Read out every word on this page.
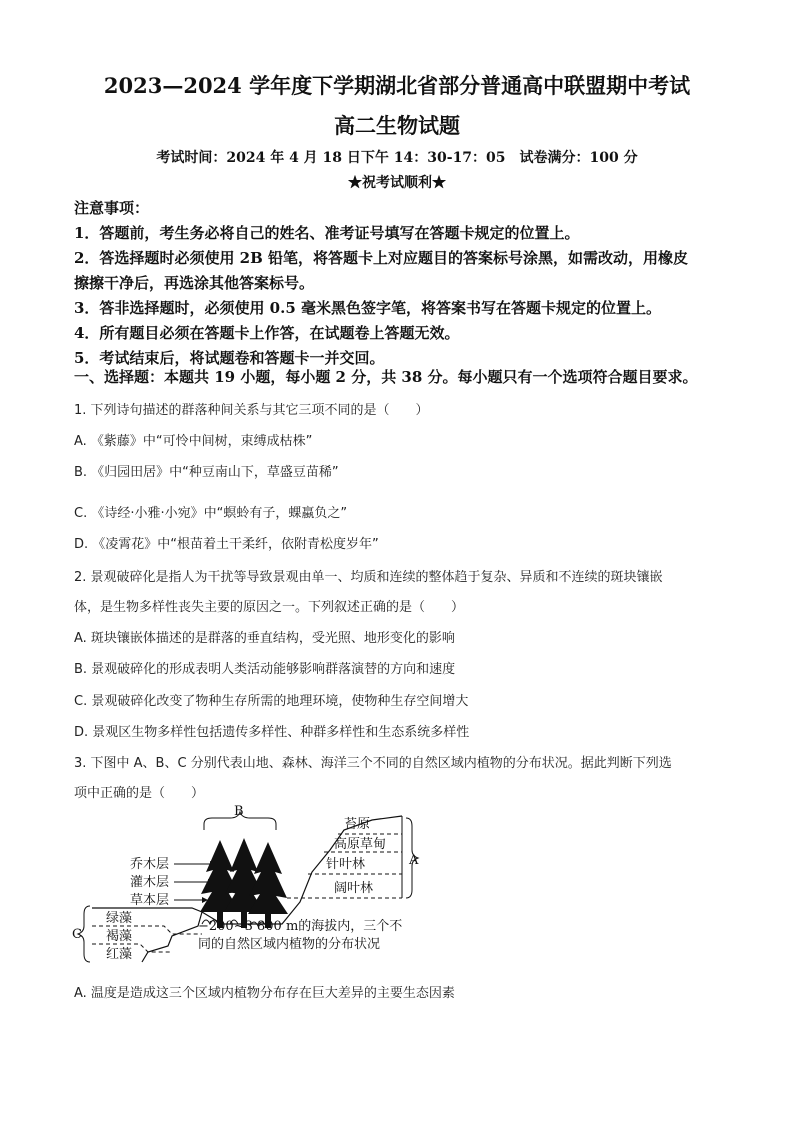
2023—2024 学年度下学期湖北省部分普通高中联盟期中考试
高二生物试题
考试时间：2024 年 4 月 18 日下午 14：30-17：05　试卷满分：100 分
★祝考试顺利★

注意事项：

1．答题前，考生务必将自己的姓名、准考证号填写在答题卡规定的位置上。

2．答选择题时必须使用 2B 铅笔，将答题卡上对应题目的答案标号涂黑，如需改动，用橡皮

擦擦干净后，再选涂其他答案标号。

3．答非选择题时，必须使用 0.5 毫米黑色签字笔，将答案书写在答题卡规定的位置上。

4．所有题目必须在答题卡上作答，在试题卷上答题无效。

5．考试结束后，将试题卷和答题卡一并交回。

一、选择题：本题共 19 小题，每小题 2 分，共 38 分。每小题只有一个选项符合题目要求。
1. 下列诗句描述的群落种间关系与其它三项不同的是（　　）
A. 《紫藤》中“可怜中间树，束缚成枯株”
B. 《归园田居》中“种豆南山下，草盛豆苗稀”
C. 《诗经·小雅·小宛》中“螟蛉有子，蜾蠃负之”
D. 《凌霄花》中“根苗着土干柔纤，依附青松度岁年”
2. 景观破碎化是指人为干扰等导致景观由单一、均质和连续的整体趋于复杂、异质和不连续的斑块镶嵌
体，是生物多样性丧失主要的原因之一。下列叙述正确的是（　　）
A. 斑块镶嵌体描述的是群落的垂直结构，受光照、地形变化的影响
B. 景观破碎化的形成表明人类活动能够影响群落演替的方向和速度
C. 景观破碎化改变了物种生存所需的地理环境，使物种生存空间增大
D. 景观区生物多样性包括遗传多样性、种群多样性和生态系统多样性
3. 下图中 A、B、C 分别代表山地、森林、海洋三个不同的自然区域内植物的分布状况。据此判断下列选
项中正确的是（　　）
A. 温度是造成这三个区域内植物分布存在巨大差异的主要生态因素
B
乔木层
灌木层
草本层
苔原
高原草甸
针叶林
阔叶林
A
绿藻
褐藻
红藻
C
−200~3 800 m的海拔内，三个不
同的自然区域内植物的分布状况
